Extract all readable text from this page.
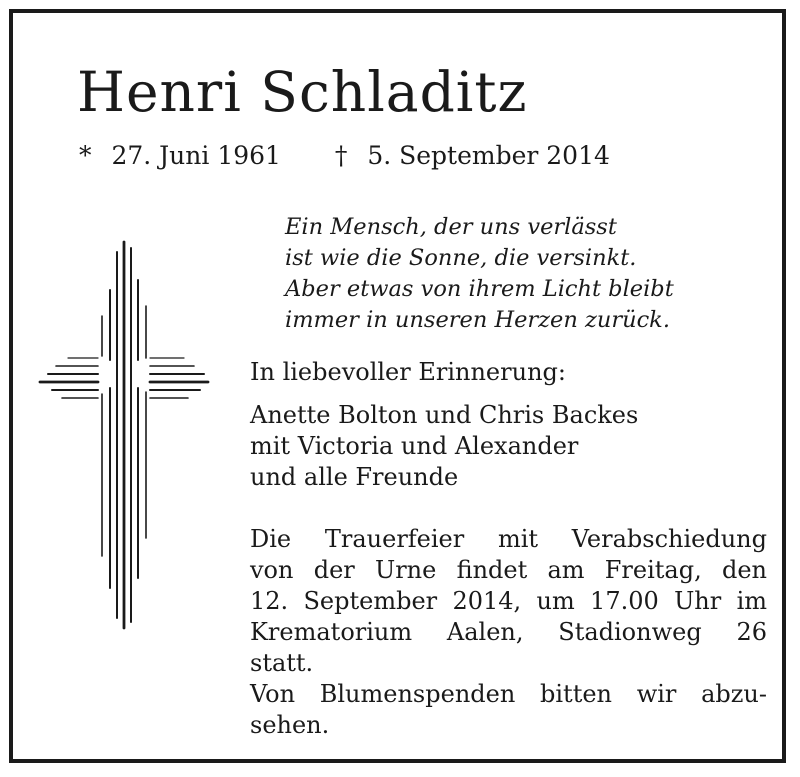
Henri Schladitz
* 27. Juni 1961 † 5. September 2014
Ein Mensch, der uns verlässt
ist wie die Sonne, die versinkt.
Aber etwas von ihrem Licht bleibt
immer in unseren Herzen zurück.
In liebevoller Erinnerung:
Anette Bolton und Chris Backes
mit Victoria und Alexander
und alle Freunde
Die Trauerfeier mit Verabschiedung
von der Urne findet am Freitag, den
12. September 2014, um 17.00 Uhr im
Krematorium Aalen, Stadionweg 26
statt.
Von Blumenspenden bitten wir abzu-
sehen.
